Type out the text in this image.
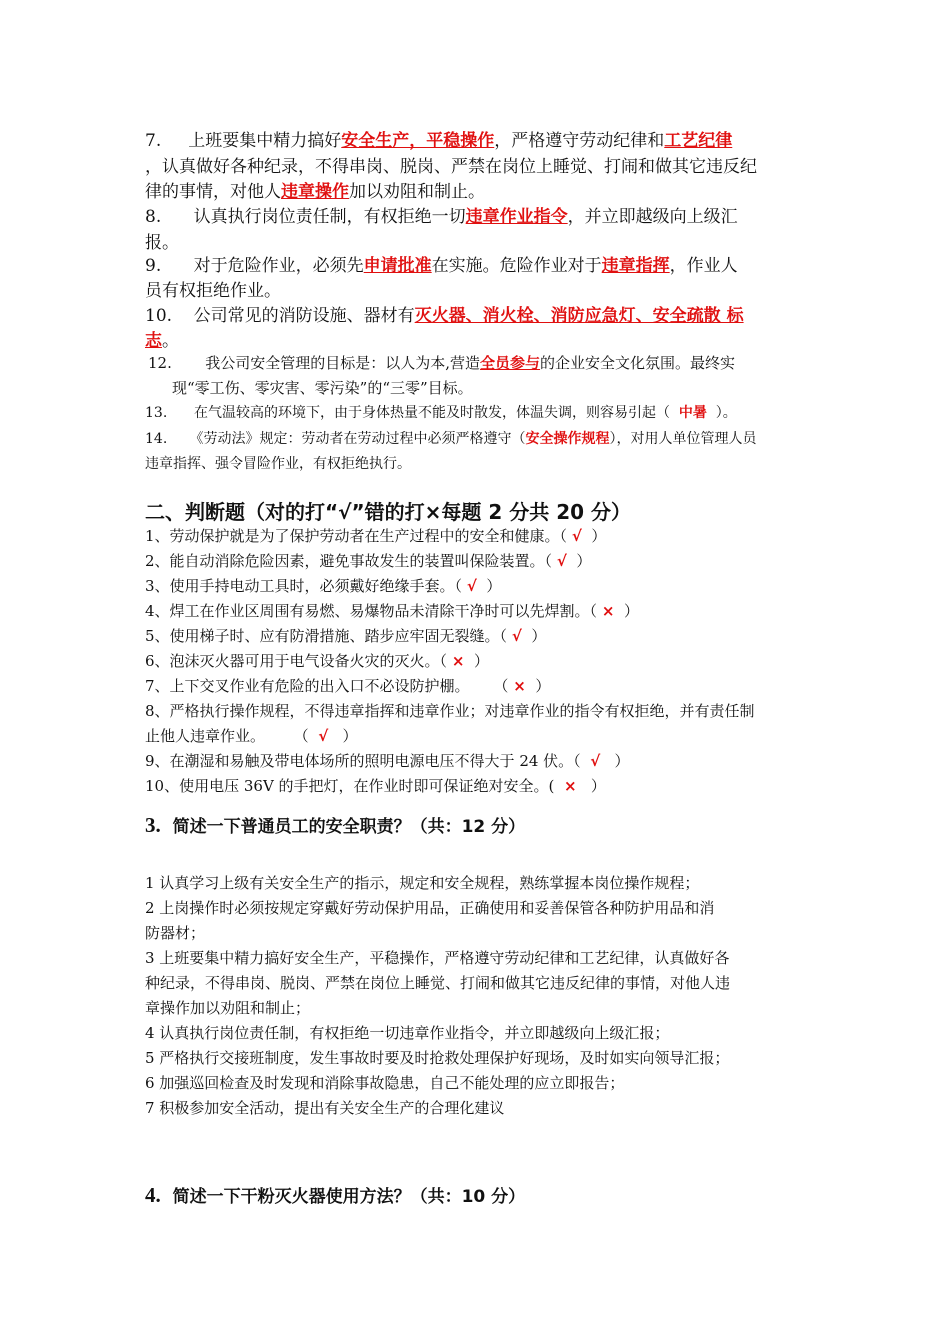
7. 上班要集中精力搞好安全生产，平稳操作，严格遵守劳动纪律和工艺纪律
，认真做好各种纪录，不得串岗、脱岗、严禁在岗位上睡觉、打闹和做其它违反纪
律的事情，对他人违章操作加以劝阻和制止。
8. 认真执行岗位责任制，有权拒绝一切违章作业指令，并立即越级向上级汇
报。
9. 对于危险作业，必须先申请批准在实施。危险作业对于违章指挥，作业人
员有权拒绝作业。
10. 公司常见的消防设施、器材有灭火器、消火栓、消防应急灯、安全疏散 标
志。
12. 我公司安全管理的目标是：以人为本,营造全员参与的企业安全文化氛围。最终实
现“零工伤、零灾害、零污染”的“三零”目标。
13. 在气温较高的环境下，由于身体热量不能及时散发，体温失调，则容易引起（ 中暑 ）。
14. 《劳动法》规定：劳动者在劳动过程中必须严格遵守（安全操作规程），对用人单位管理人员
违章指挥、强令冒险作业，有权拒绝执行。
二、判断题（对的打“√”错的打×每题 2 分共 20 分）
1、劳动保护就是为了保护劳动者在生产过程中的安全和健康。（ √ ）
2、能自动消除危险因素，避免事故发生的装置叫保险装置。（ √ ）
3、使用手持电动工具时，必须戴好绝缘手套。（ √ ）
4、焊工在作业区周围有易燃、易爆物品未清除干净时可以先焊割。（ × ）
5、使用梯子时、应有防滑措施、踏步应牢固无裂缝。（ √ ）
6、泡沫灭火器可用于电气设备火灾的灭火。（ × ）
7、上下交叉作业有危险的出入口不必设防护棚。 （ × ）
8、严格执行操作规程，不得违章指挥和违章作业；对违章作业的指令有权拒绝，并有责任制
止他人违章作业。 （ √ ）
9、在潮湿和易触及带电体场所的照明电源电压不得大于 24 伏。（ √ ）
10、使用电压 36V 的手把灯，在作业时即可保证绝对安全。( × ）
3. 简述一下普通员工的安全职责？（共：12 分）
1 认真学习上级有关安全生产的指示，规定和安全规程，熟练掌握本岗位操作规程；
2 上岗操作时必须按规定穿戴好劳动保护用品，正确使用和妥善保管各种防护用品和消
防器材；
3 上班要集中精力搞好安全生产，平稳操作，严格遵守劳动纪律和工艺纪律，认真做好各
种纪录，不得串岗、脱岗、严禁在岗位上睡觉、打闹和做其它违反纪律的事情，对他人违
章操作加以劝阻和制止；
4 认真执行岗位责任制，有权拒绝一切违章作业指令，并立即越级向上级汇报；
5 严格执行交接班制度，发生事故时要及时抢救处理保护好现场，及时如实向领导汇报；
6 加强巡回检查及时发现和消除事故隐患，自己不能处理的应立即报告；
7 积极参加安全活动，提出有关安全生产的合理化建议
4. 简述一下干粉灭火器使用方法？（共：10 分）
